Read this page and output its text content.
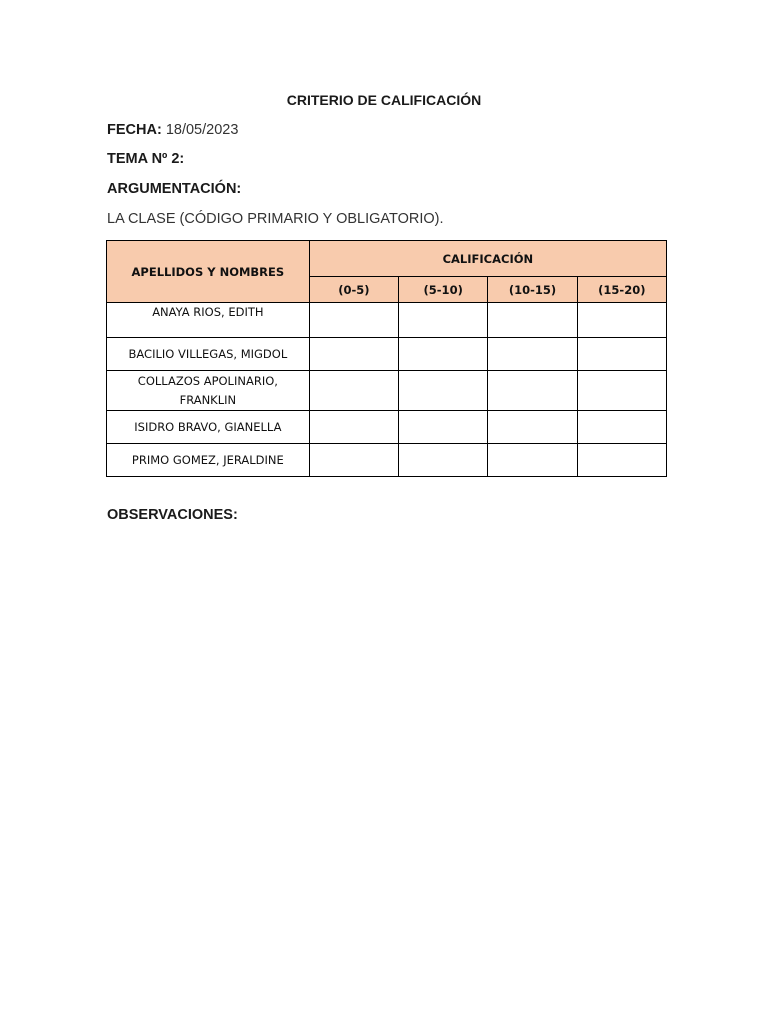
CRITERIO DE CALIFICACIÓN
FECHA: 18/05/2023
TEMA Nº 2:
ARGUMENTACIÓN:
LA CLASE (CÓDIGO PRIMARIO Y OBLIGATORIO).
APELLIDOS Y NOMBRES	CALIFICACIÓN			
	(0-5)	(5-10)	(10-15)	(15-20)
ANAYA RIOS, EDITH				
BACILIO VILLEGAS, MIGDOL				
COLLAZOS APOLINARIO, FRANKLIN				
ISIDRO BRAVO, GIANELLA				
PRIMO GOMEZ, JERALDINE				
OBSERVACIONES:
